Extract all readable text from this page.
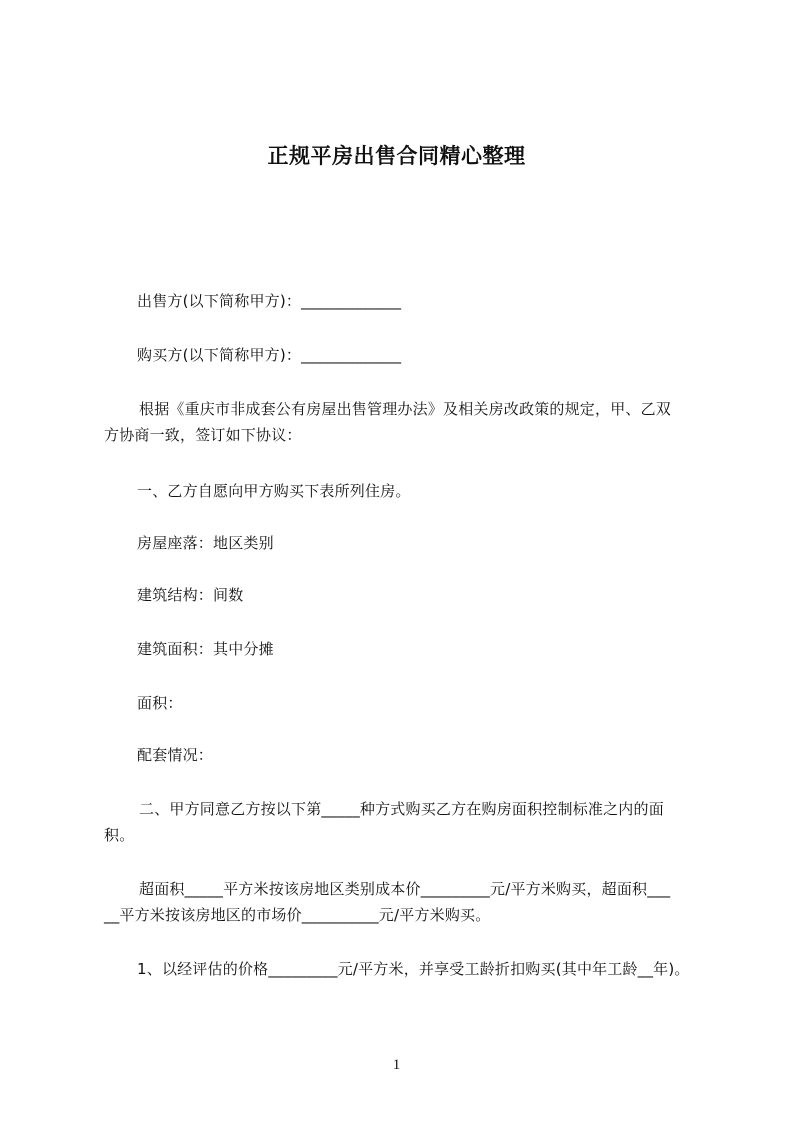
正规平房出售合同精心整理
出售方(以下简称甲方)：_____________
购买方(以下简称甲方)：_____________
根据《重庆市非成套公有房屋出售管理办法》及相关房改政策的规定，甲、乙双
方协商一致，签订如下协议：
一、乙方自愿向甲方购买下表所列住房。
房屋座落：地区类别
建筑结构：间数
建筑面积：其中分摊
面积：
配套情况：
二、甲方同意乙方按以下第_____种方式购买乙方在购房面积控制标准之内的面
积。
超面积_____平方米按该房地区类别成本价_________元/平方米购买，超面积___
__平方米按该房地区的市场价__________元/平方米购买。
1、以经评估的价格_________元/平方米，并享受工龄折扣购买(其中年工龄__年)。
1
